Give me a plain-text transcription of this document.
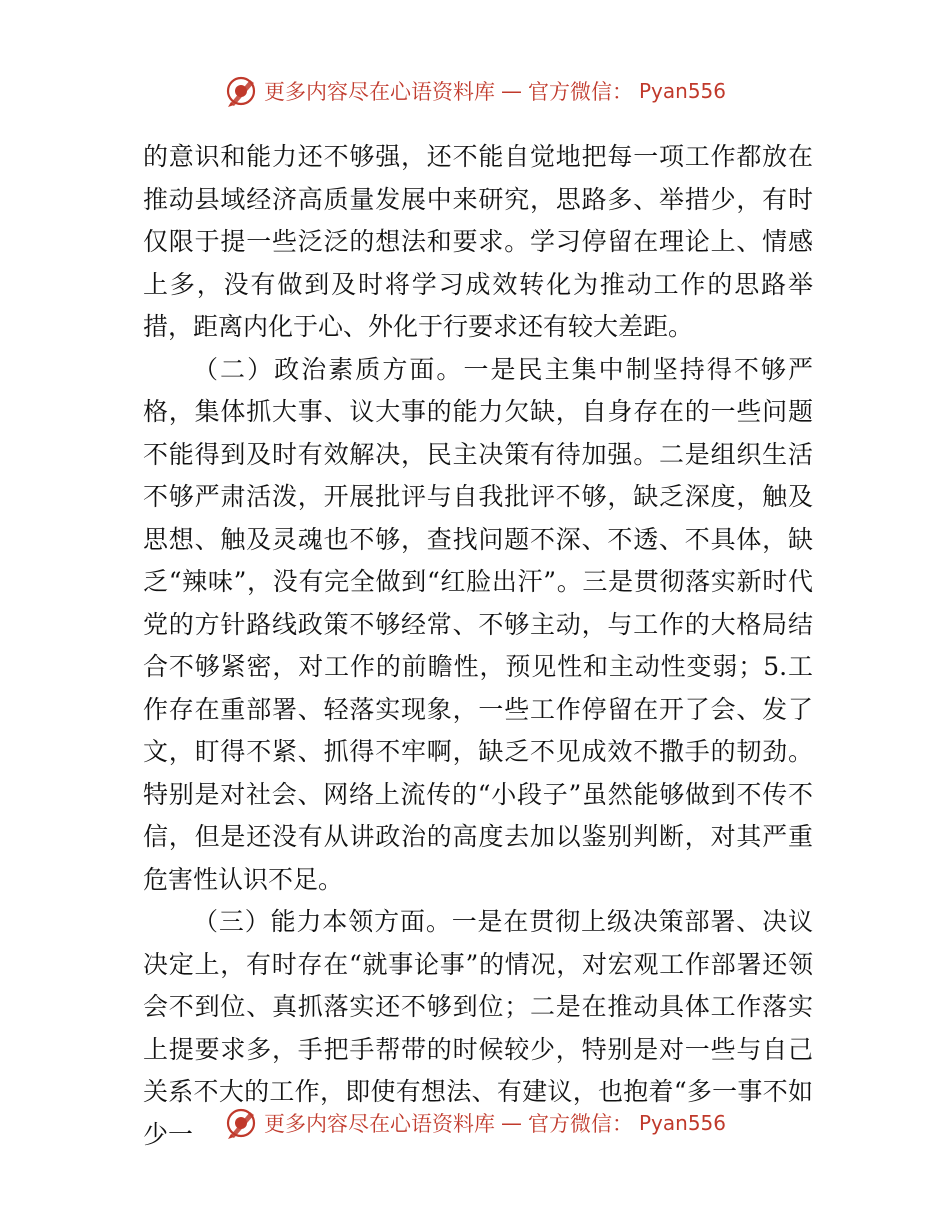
更多内容尽在心语资料库 — 官方微信： Pyan556

的意识和能力还不够强，还不能自觉地把每一项工作都放在推动县域经济高质量发展中来研究，思路多、举措少，有时仅限于提一些泛泛的想法和要求。学习停留在理论上、情感上多，没有做到及时将学习成效转化为推动工作的思路举措，距离内化于心、外化于行要求还有较大差距。

（二）政治素质方面。一是民主集中制坚持得不够严格，集体抓大事、议大事的能力欠缺，自身存在的一些问题不能得到及时有效解决，民主决策有待加强。二是组织生活不够严肃活泼，开展批评与自我批评不够，缺乏深度，触及思想、触及灵魂也不够，查找问题不深、不透、不具体，缺乏“辣味”，没有完全做到“红脸出汗”。三是贯彻落实新时代党的方针路线政策不够经常、不够主动，与工作的大格局结合不够紧密，对工作的前瞻性，预见性和主动性变弱；5.工作存在重部署、轻落实现象，一些工作停留在开了会、发了文，盯得不紧、抓得不牢啊，缺乏不见成效不撒手的韧劲。特别是对社会、网络上流传的“小段子”虽然能够做到不传不信，但是还没有从讲政治的高度去加以鉴别判断，对其严重危害性认识不足。

（三）能力本领方面。一是在贯彻上级决策部署、决议决定上，有时存在“就事论事”的情况，对宏观工作部署还领会不到位、真抓落实还不够到位；二是在推动具体工作落实上提要求多，手把手帮带的时候较少，特别是对一些与自己关系不大的工作，即使有想法、有建议，也抱着“多一事不如少一	更多内容尽在心语资料库 — 官方微信： Pyan556
